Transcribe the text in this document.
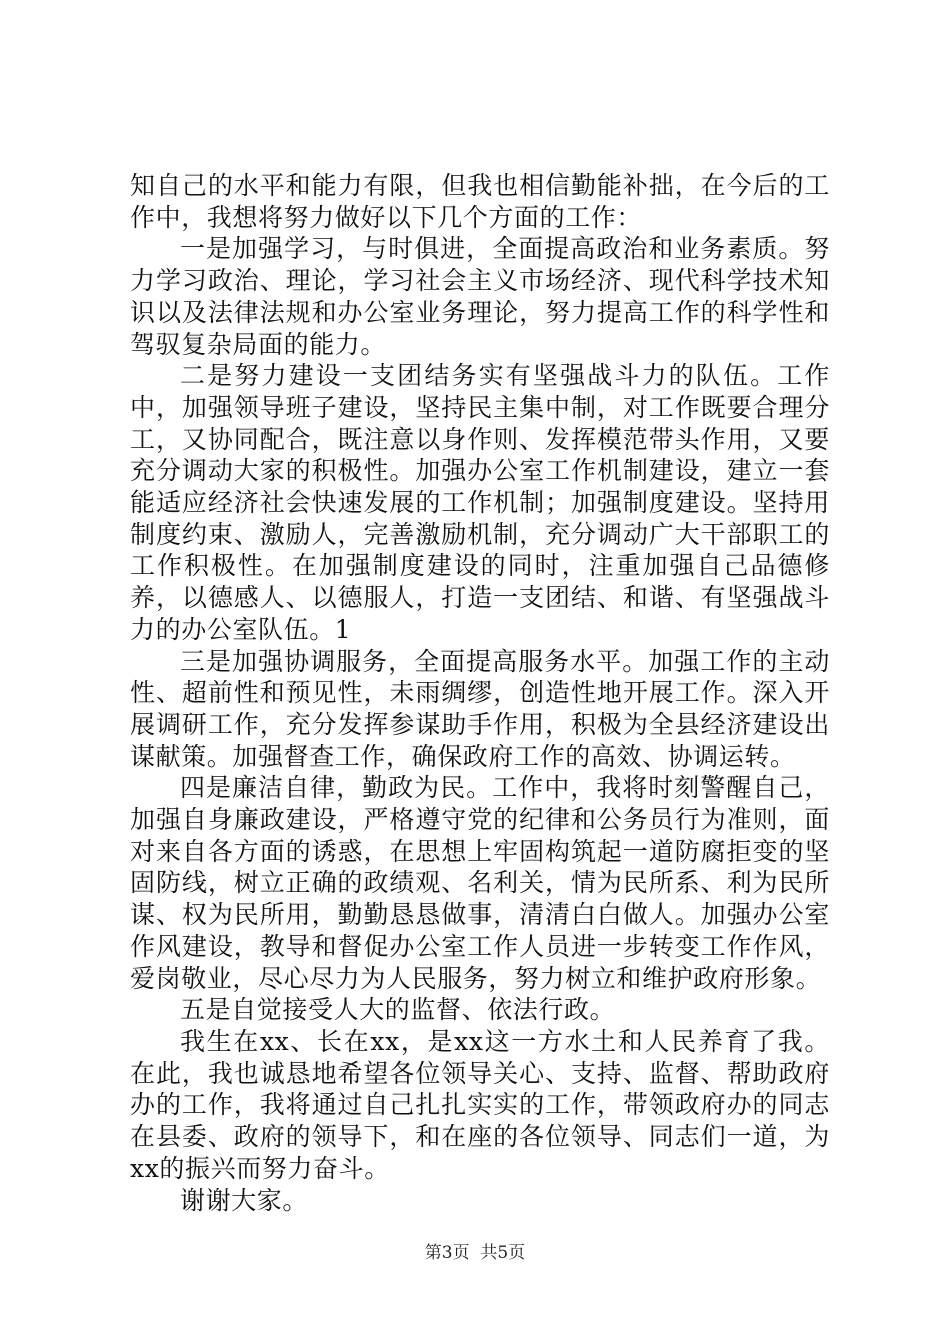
知自己的水平和能力有限，但我也相信勤能补拙，在今后的工作中，我想将努力做好以下几个方面的工作：

一是加强学习，与时俱进，全面提高政治和业务素质。努力学习政治、理论，学习社会主义市场经济、现代科学技术知识以及法律法规和办公室业务理论，努力提高工作的科学性和驾驭复杂局面的能力。

二是努力建设一支团结务实有坚强战斗力的队伍。工作中，加强领导班子建设，坚持民主集中制，对工作既要合理分工，又协同配合，既注意以身作则、发挥模范带头作用，又要充分调动大家的积极性。加强办公室工作机制建设，建立一套能适应经济社会快速发展的工作机制；加强制度建设。坚持用制度约束、激励人，完善激励机制，充分调动广大干部职工的工作积极性。在加强制度建设的同时，注重加强自己品德修养，以德感人、以德服人，打造一支团结、和谐、有坚强战斗力的办公室队伍。1

三是加强协调服务，全面提高服务水平。加强工作的主动性、超前性和预见性，未雨绸缪，创造性地开展工作。深入开展调研工作，充分发挥参谋助手作用，积极为全县经济建设出谋献策。加强督查工作，确保政府工作的高效、协调运转。

四是廉洁自律，勤政为民。工作中，我将时刻警醒自己，加强自身廉政建设，严格遵守党的纪律和公务员行为准则，面对来自各方面的诱惑，在思想上牢固构筑起一道防腐拒变的坚固防线，树立正确的政绩观、名利关，情为民所系、利为民所谋、权为民所用，勤勤恳恳做事，清清白白做人。加强办公室作风建设，教导和督促办公室工作人员进一步转变工作作风，爱岗敬业，尽心尽力为人民服务，努力树立和维护政府形象。

五是自觉接受人大的监督、依法行政。

我生在xx、长在xx，是xx这一方水土和人民养育了我。在此，我也诚恳地希望各位领导关心、支持、监督、帮助政府办的工作，我将通过自己扎扎实实的工作，带领政府办的同志在县委、政府的领导下，和在座的各位领导、同志们一道，为xx的振兴而努力奋斗。

谢谢大家。

第3页 共5页
